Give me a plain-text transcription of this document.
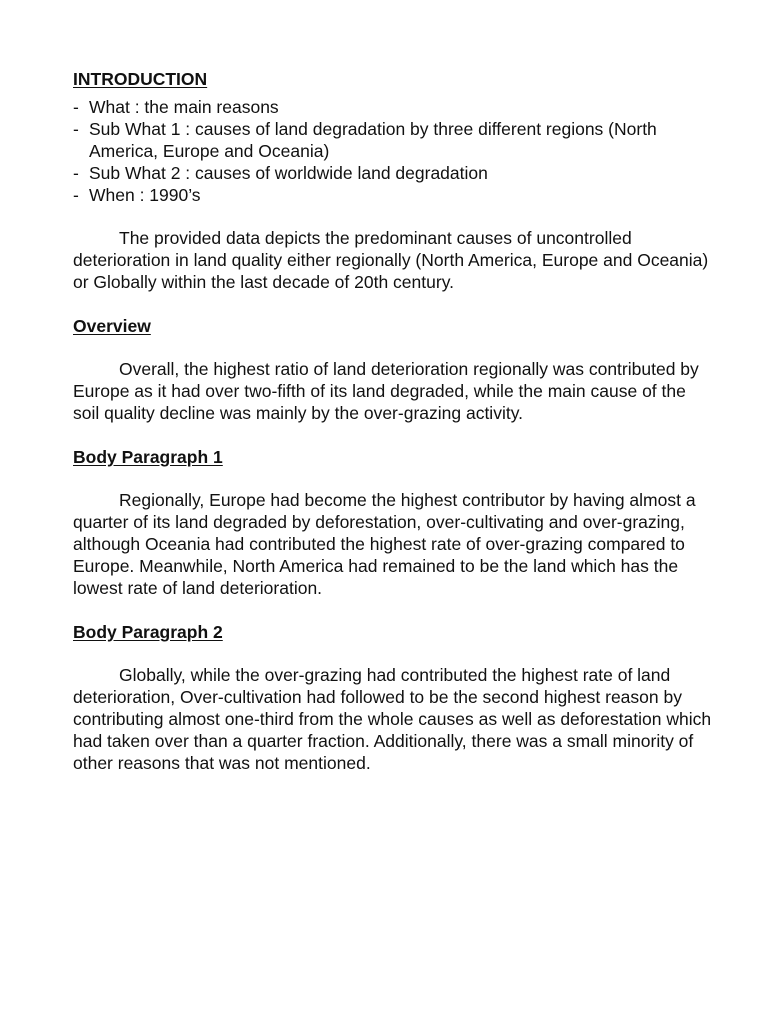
INTRODUCTION

- What : the main reasons
- Sub What 1 : causes of land degradation by three different regions (North America, Europe and Oceania)
- Sub What 2 : causes of worldwide land degradation
- When : 1990’s

The provided data depicts the predominant causes of uncontrolled deterioration in land quality either regionally (North America, Europe and Oceania) or Globally within the last decade of 20th century.

Overview

Overall, the highest ratio of land deterioration regionally was contributed by Europe as it had over two-fifth of its land degraded, while the main cause of the soil quality decline was mainly by the over-grazing activity.

Body Paragraph 1

Regionally, Europe had become the highest contributor by having almost a quarter of its land degraded by deforestation, over-cultivating and over-grazing, although Oceania had contributed the highest rate of over-grazing compared to Europe. Meanwhile, North America had remained to be the land which has the lowest rate of land deterioration.

Body Paragraph 2

Globally, while the over-grazing had contributed the highest rate of land deterioration, Over-cultivation had followed to be the second highest reason by contributing almost one-third from the whole causes as well as deforestation which had taken over than a quarter fraction. Additionally, there was a small minority of other reasons that was not mentioned.
